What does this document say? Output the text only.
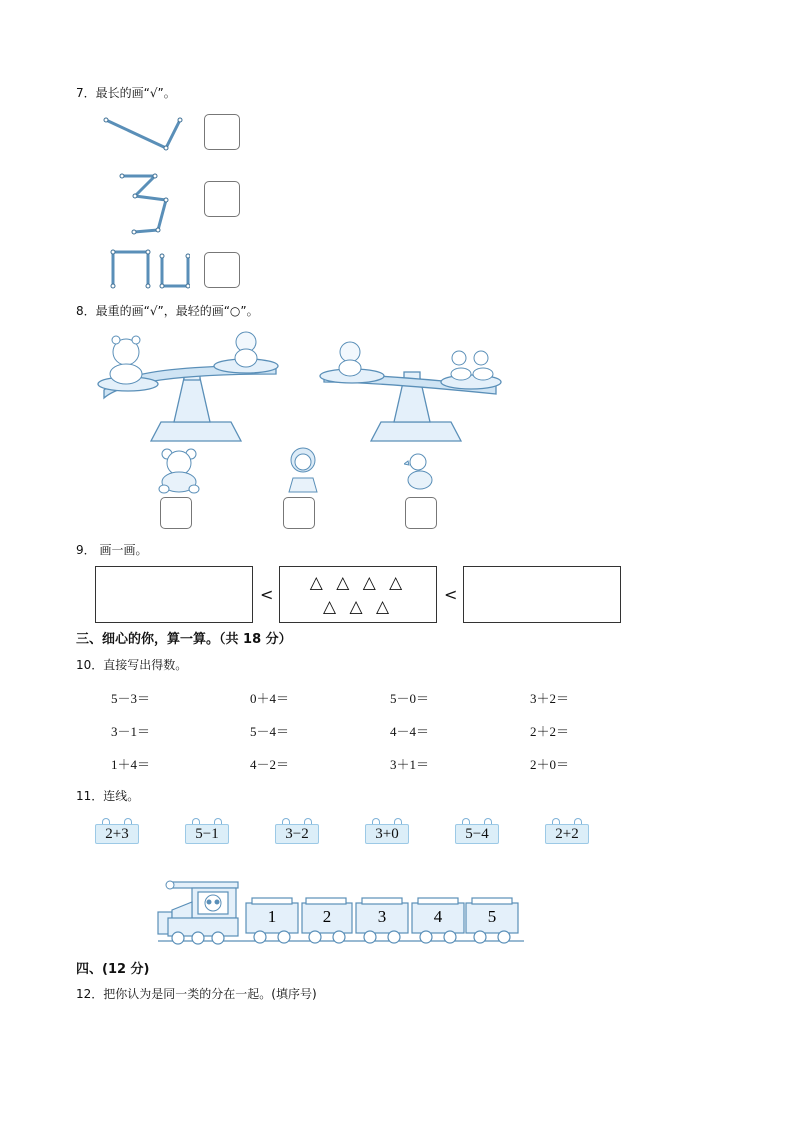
7．最长的画“√”。
8．最重的画“√”，最轻的画“○”。
9． 画一画。
<
△ △ △ △
△ △ △
<
三、细心的你，算一算。（共 18 分）
10．直接写出得数。
5－3＝	0＋4＝	5－0＝	3＋2＝
3－1＝	5－4＝	4－4＝	2＋2＝
1＋4＝	4－2＝	3＋1＝	2＋0＝
11．连线。
2+3	5−1	3−2	3+0	5−4	2+2
1	2	3	4	5
四、(12 分)
12．把你认为是同一类的分在一起。(填序号)
